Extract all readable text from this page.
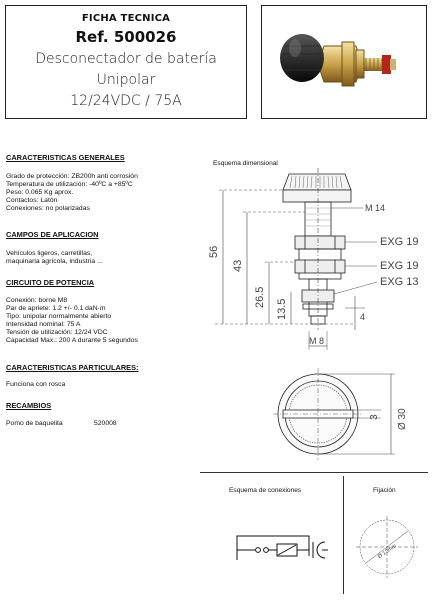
FICHA TECNICA
Ref. 500026
Desconectador de batería
Unipolar
12/24VDC / 75A
CARACTERISTICAS GENERALES
Grado de protección: ZB200h anti corrosión
Temperatura de utilización: -40ºC a +85ºC
Peso: 0.065 Kg aprox.
Contactos: Latón
Conexiones: no polarizadas
CAMPOS DE APLICACION
Vehículos ligeros, carretillas,
maquinaria agrícola, industria ...
CIRCUITO DE POTENCIA
Conexión: borne M8
Par de apriete: 1.2 +/- 0.1 daN·m
Tipo: unipolar normalmente abierto
Intensidad nominal: 75 A
Tensión de utilización: 12/24 VDC
Capacidad Max.: 200 A durante 5 segundos
CARACTERISTICAS PARTICULARES:
Funciona con rosca
RECAMBIOS
Pomo de baquelita	520008
Esquema dimensional
M 14
EXG 19
EXG 19
EXG 13
M 8
4
56
43
26.5
13.5
3 Ø 30
Esquema de conexiones	Fijación
Ø 13mm
